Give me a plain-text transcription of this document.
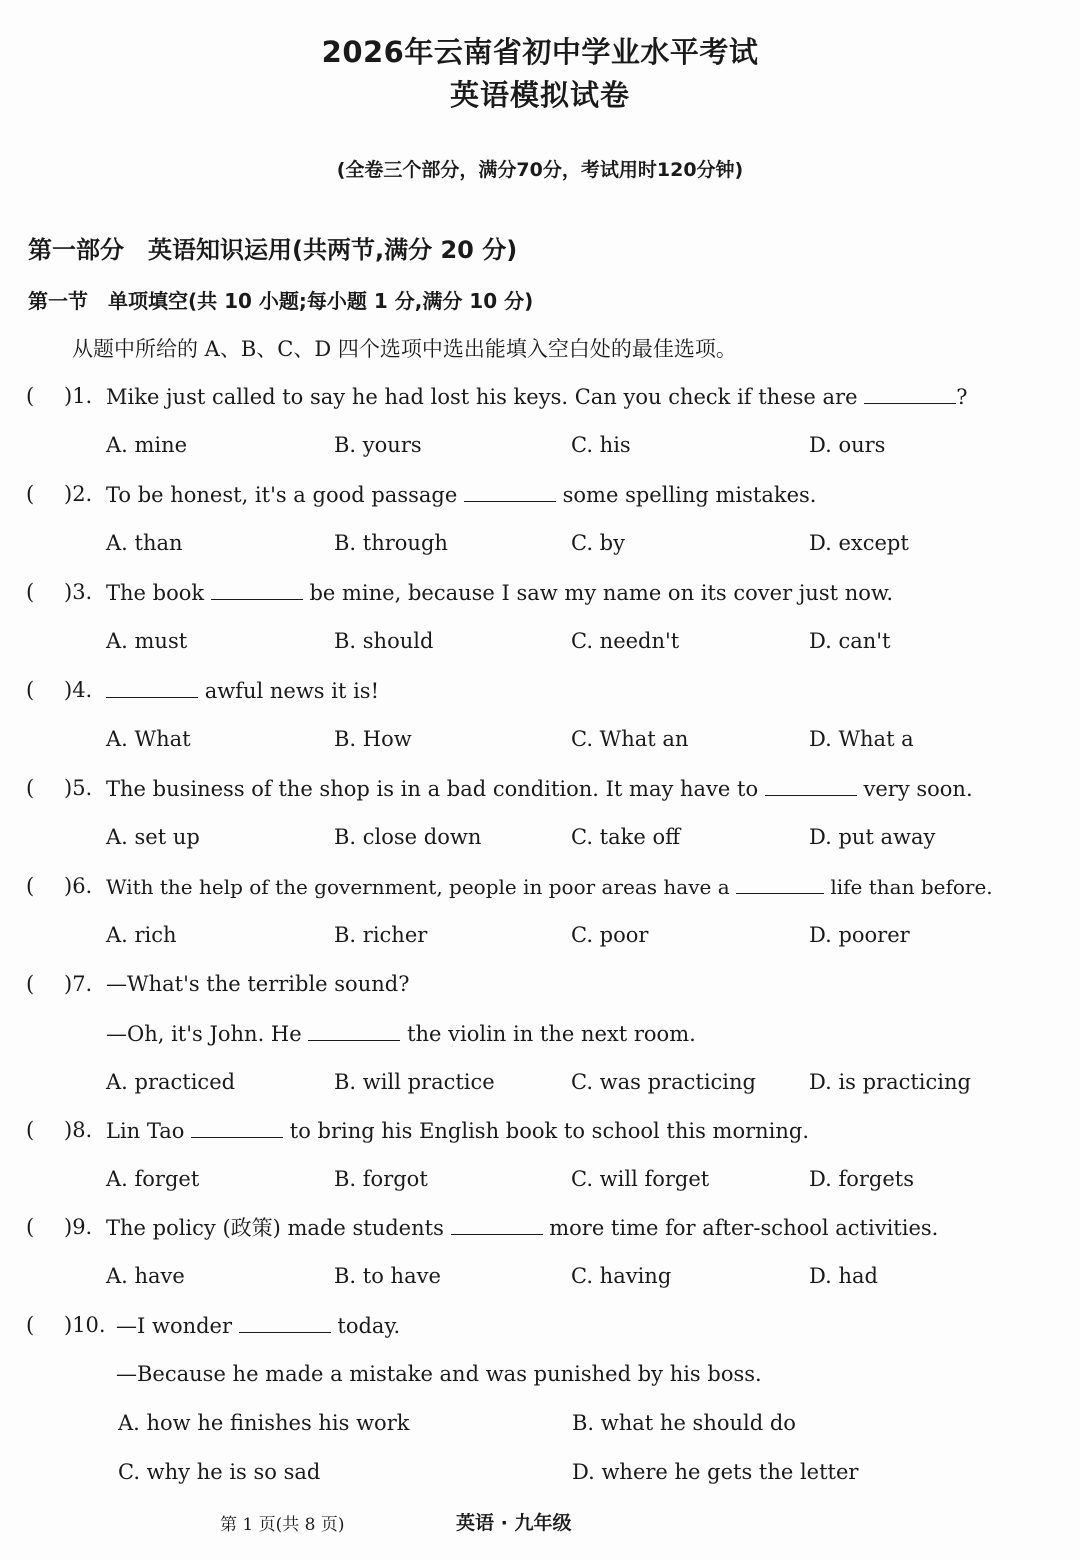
2026年云南省初中学业水平考试
英语模拟试卷
(全卷三个部分，满分70分，考试用时120分钟)
第一部分　英语知识运用(共两节,满分 20 分)
第一节　单项填空(共 10 小题;每小题 1 分,满分 10 分)
从题中所给的 A、B、C、D 四个选项中选出能填入空白处的最佳选项。
( )1. Mike just called to say he had lost his keys. Can you check if these are	?
A. mine	B. yours	C. his	D. ours
( )2. To be honest, it's a good passage	some spelling mistakes.
A. than	B. through	C. by	D. except
( )3. The book	be mine, because I saw my name on its cover just now.
A. must	B. should	C. needn't	D. can't
( )4.	awful news it is!
A. What	B. How	C. What an	D. What a
( )5. The business of the shop is in a bad condition. It may have to	very soon.
A. set up	B. close down	C. take off	D. put away
( )6. With the help of the government, people in poor areas have a	life than before.
A. rich	B. richer	C. poor	D. poorer
( )7. —What's the terrible sound?
—Oh, it's John. He	the violin in the next room.
A. practiced	B. will practice	C. was practicing	D. is practicing
( )8. Lin Tao	to bring his English book to school this morning.
A. forget	B. forgot	C. will forget	D. forgets
( )9. The policy (政策) made students	more time for after-school activities.
A. have	B. to have	C. having	D. had
( )10. —I wonder	today.
—Because he made a mistake and was punished by his boss.
A. how he finishes his work	B. what he should do
C. why he is so sad	D. where he gets the letter
第 1 页(共 8 页)	英语 · 九年级
